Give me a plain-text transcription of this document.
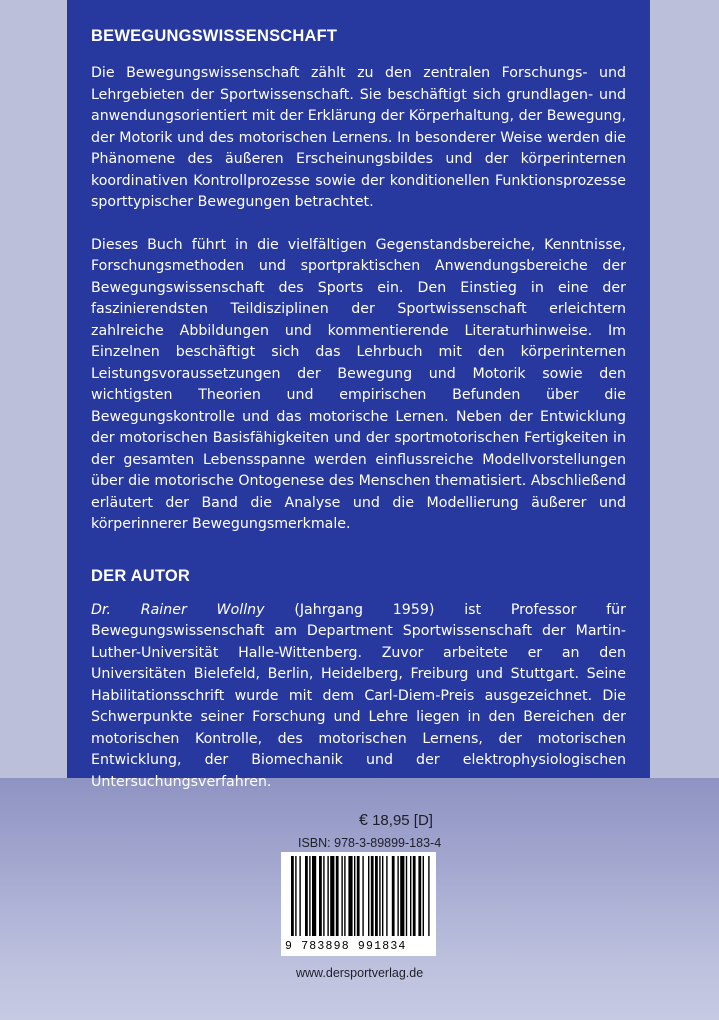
BEWEGUNGSWISSENSCHAFT

Die Bewegungswissenschaft zählt zu den zentralen Forschungs- und Lehrgebieten der Sportwissenschaft. Sie beschäftigt sich grundlagen- und anwendungsorientiert mit der Erklärung der Körperhaltung, der Bewegung, der Motorik und des motorischen Lernens. In besonderer Weise werden die Phänomene des äußeren Erscheinungsbildes und der körperinternen koordinativen Kontrollprozesse sowie der konditionellen Funktionsprozesse sporttypischer Bewegungen betrachtet.

Dieses Buch führt in die vielfältigen Gegenstandsbereiche, Kenntnisse, Forschungsmethoden und sportpraktischen Anwendungsbereiche der Bewegungswissenschaft des Sports ein. Den Einstieg in eine der faszinierendsten Teildisziplinen der Sportwissenschaft erleichtern zahlreiche Abbildungen und kommentierende Literaturhinweise. Im Einzelnen beschäftigt sich das Lehrbuch mit den körperinternen Leistungsvoraussetzungen der Bewegung und Motorik sowie den wichtigsten Theorien und empirischen Befunden über die Bewegungskontrolle und das motorische Lernen. Neben der Entwicklung der motorischen Basisfähigkeiten und der sportmotorischen Fertigkeiten in der gesamten Lebensspanne werden einflussreiche Modellvorstellungen über die motorische Ontogenese des Menschen thematisiert. Abschließend erläutert der Band die Analyse und die Modellierung äußerer und körperinnerer Bewegungsmerkmale.

DER AUTOR

Dr. Rainer Wollny (Jahrgang 1959) ist Professor für Bewegungswissenschaft am Department Sportwissenschaft der Martin-Luther-Universität Halle-Wittenberg. Zuvor arbeitete er an den Universitäten Bielefeld, Berlin, Heidelberg, Freiburg und Stuttgart. Seine Habilitationsschrift wurde mit dem Carl-Diem-Preis ausgezeichnet. Die Schwerpunkte seiner Forschung und Lehre liegen in den Bereichen der motorischen Kontrolle, des motorischen Lernens, der motorischen Entwicklung, der Biomechanik und der elektrophysiologischen Untersuchungsverfahren.

€ 18,95 [D]
ISBN: 978-3-89899-183-4
9 783898 991834
www.dersportverlag.de
